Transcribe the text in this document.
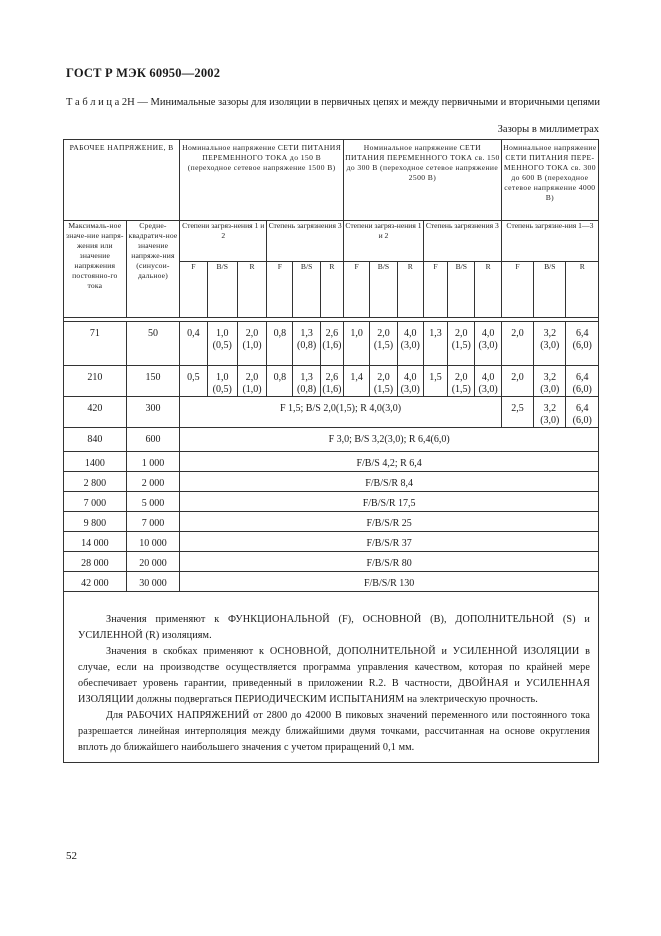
ГОСТ Р МЭК 60950—2002
Т а б л и ц а 2Н — Минимальные зазоры для изоляции в первичных цепях и между первичными и вторичными цепями
Зазоры в миллиметрах
РАБОЧЕЕ НАПРЯЖЕНИЕ, В		Номинальное напряжение СЕТИ ПИТАНИЯ ПЕРЕМЕННОГО ТОКА до 150 В (переходное сетевое напряжение 1500 В)						Номинальное напряжение СЕТИ ПИТАНИЯ ПЕРЕМЕННОГО ТОКА св. 150 до 300 В (переходное сетевое напряжение 2500 В)						Номинальное напряжение СЕТИ ПИТАНИЯ ПЕРЕ-МЕННОГО ТОКА св. 300 до 600 В (переходное сетевое напряжение 4000 В)		
Максималь-ное значе-ние напря-жения или значение напряжения постоянно-го тока	Средне-квадратич-ное значение напряже-ния (синусои-дальное)	Степени загряз-нения 1 и 2			Степень загрязнения 3			Степени загряз-нения 1 и 2			Степень загрязнения 3			Степень загрязне-ния 1—3		
		F	B/S	R	F	B/S	R	F	B/S	R	F	B/S	R	F	B/S	R

71	50	0,4	1,0 (0,5)	2,0 (1,0)	0,8	1,3 (0,8)	2,6 (1,6)	1,0	2,0 (1,5)	4,0 (3,0)	1,3	2,0 (1,5)	4,0 (3,0)	2,0	3,2 (3,0)	6,4 (6,0)
210	150	0,5	1,0 (0,5)	2,0 (1,0)	0,8	1,3 (0,8)	2,6 (1,6)	1,4	2,0 (1,5)	4,0 (3,0)	1,5	2,0 (1,5)	4,0 (3,0)	2,0	3,2 (3,0)	6,4 (6,0)
420	300	F 1,5; B/S 2,0(1,5); R 4,0(3,0)												2,5	3,2 (3,0)	6,4 (6,0)
840	600	F 3,0; B/S 3,2(3,0); R 6,4(6,0)														
1400	1 000	F/B/S 4,2; R 6,4														
2 800	2 000	F/B/S/R 8,4														
7 000	5 000	F/B/S/R 17,5														
9 800	7 000	F/B/S/R 25														
14 000	10 000	F/B/S/R 37														
28 000	20 000	F/B/S/R 80														
42 000	30 000	F/B/S/R 130														

Значения применяют к ФУНКЦИОНАЛЬНОЙ (F), ОСНОВНОЙ (B), ДОПОЛНИТЕЛЬНОЙ (S) и УСИЛЕННОЙ (R) изоляциям.

Значения в скобках применяют к ОСНОВНОЙ, ДОПОЛНИТЕЛЬНОЙ и УСИЛЕННОЙ ИЗОЛЯЦИИ в случае, если на производстве осуществляется программа управления качеством, которая по крайней мере обеспечивает уровень гарантии, приведенный в приложении R.2. В частности, ДВОЙНАЯ и УСИЛЕННАЯ ИЗОЛЯЦИИ должны подвергаться ПЕРИОДИЧЕСКИМ ИСПЫТАНИЯМ на электрическую прочность.

Для РАБОЧИХ НАПРЯЖЕНИЙ от 2800 до 42000 В пиковых значений переменного или постоянного тока разрешается линейная интерполяция между ближайшими двумя точками, рассчитанная на основе округления вплоть до ближайшего наибольшего значения с учетом приращений 0,1 мм.																

52
